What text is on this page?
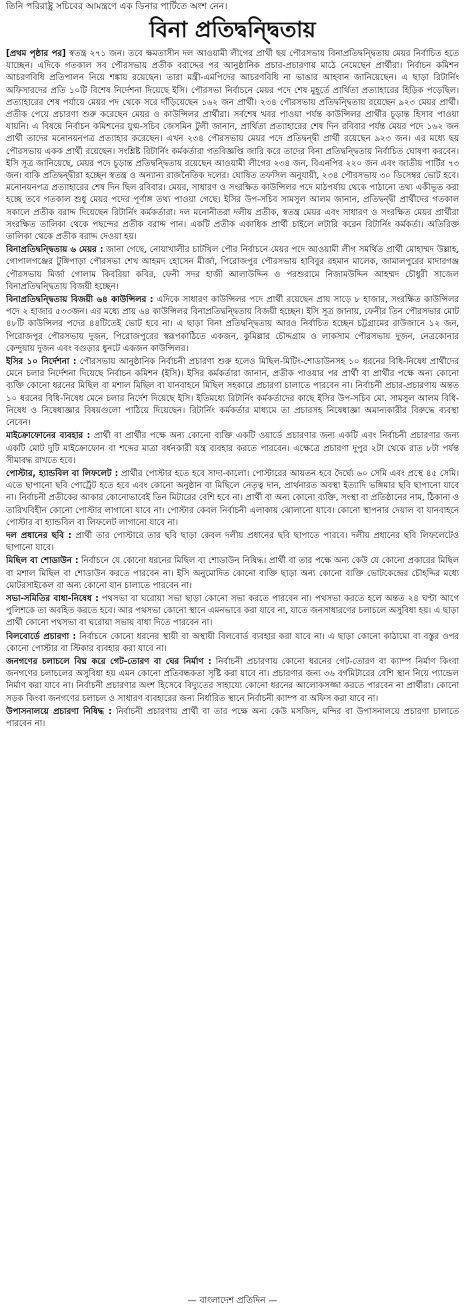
তিনি পরিরাষ্ট্র সচিবের আমন্ত্রণে এক ডিনার পার্টিতে অংশ নেন।
বিনা প্রতিদ্বন্দ্বিতায়

[প্রথম পৃষ্ঠার পর] স্বতন্ত্র ২৭১ জন। তবে ক্ষমতাসীন দল আওয়ামী লীগের প্রার্থী ছয় পৌরসভায় বিনাপ্রতিদ্বন্দ্বিতায় মেয়র নির্বাচিত হতে যাচ্ছেন। এদিকে গতকাল সব পৌরসভায় প্রতীক বরাদ্দের পর আনুষ্ঠানিক প্রচার-প্রচারণায় মাঠে নেমেছেন প্রার্থীরা। নির্বাচন কমিশন আচরণবিধি প্রতিপালন নিয়ে শঙ্কায় রয়েছেন। তারা মন্ত্রী-এমপিদের আচরণবিধি না ভাঙার আহবান জানিয়েছেন। এ ছাড়া রিটার্নিং অফিসারদের প্রতি ১০টি বিশেষ নির্দেশনা দিয়েছে ইসি। পৌরসভা নির্বাচনে মেয়র পদে শেষ মুহূর্তে প্রার্থিতা প্রত্যাহারের হিড়িক পড়েছিল। প্রত্যাহারের শেষ পর্যায়ে মেয়র পদ থেকে সরে দাঁড়িয়েছেন ১৬২ জন প্রার্থী। ২৩৪ পৌরসভায় প্রতিদ্বন্দ্বিতায় রয়েছেন ৯২৩ মেয়র প্রার্থী। প্রতীক পেয়ে প্রচারণা শুরু করেছেন মেয়র ও কাউন্সিলর প্রার্থীরা। সর্বশেষ খবর পাওয়া পর্যন্ত কাউন্সিলর প্রার্থীর চূড়ান্ত হিসাব পাওয়া যায়নি। এ বিষয়ে নির্বাচন কমিশনের যুগ্ম-সচিব জেসমিন টুলী জানান, প্রার্থিতা প্রত্যাহারের শেষ দিন রবিবার পর্যন্ত মেয়র পদে ১৬২ জন প্রার্থী তাদের মনোনয়নপত্র প্রত্যাহার করেছেন। এখন ২৩৪ পৌরসভায় মেয়র পদে প্রতিদ্বন্দ্বী প্রার্থী রয়েছেন ৯২৩ জন। এর মধ্যে ছয় পৌরসভায় একক প্রার্থী রয়েছেন। সংশ্লিষ্ট রিটার্নিং কর্মকর্তারা গতবিজ্ঞপ্তি জারি করে তাদের বিনা প্রতিদ্বন্দ্বিতায় নির্বাচিত ঘোষণা করবেন। ইসি সূত্র জানিয়েছে, মেয়র পদে চূড়ান্ত প্রতিদ্বন্দ্বিতায় রয়েছেন আওয়ামী লীগের ২৩৪ জন, বিএনপির ২২০ জন এবং জাতীয় পার্টির ৭৩ জন। বাকি প্রতিদ্বন্দ্বীরা হচ্ছেন স্বতন্ত্র ও অন্যান্য রাজনৈতিক দলের। ঘোষিত তফসিল অনুযায়ী, ২৩৪ পৌরসভায় ৩০ ডিসেম্বর ভোট হবে। মনোনয়নপত্র প্রত্যাহারের শেষ দিন ছিল রবিবার। মেয়র, সাধারণ ও সংরক্ষিত কাউন্সিলর পদে মাঠপর্যায় থেকে পাঠানো তথ্য একীভূত করা হচ্ছে তবে গতকাল শুধু মেয়র পদের পূর্ণাঙ্গ তথ্য পাওয়া গেছে। ইসির উপ-সচিব সামসুল আলম জানান, প্রতিদ্বন্দ্বী প্রার্থীদের গতকাল সকালে প্রতীক বরাদ্দ দিয়েছেন রিটার্নিং কর্মকর্তারা। দল মনোনীতরা দলীয় প্রতীক, স্বতন্ত্র মেয়র এবং সাধারণ ও সংরক্ষিত মেয়র প্রার্থীরা সংরক্ষিত তালিকা থেকে পছন্দের প্রতীক বরাদ্দ পান। একটি প্রতীক একাধিক প্রার্থী চাইলে লটারি করেন রিটার্নিং কর্মকর্তা। অতিরিক্ত তালিকা থেকে প্রতীক বরাদ্দ দেওয়া হয়।

বিনাপ্রতিদ্বন্দ্বিতায় ৬ মেয়র : জানা গেছে, নোয়াখালীর চাটখিল পৌর নির্বাচনে মেয়র পদে আওয়ামী লীগ সমর্থিত প্রার্থী মোহাম্মদ উল্লাহ, গোপালগঞ্জের টুঙ্গিপাড়া পৌরসভা শেখ আহমদ হোসেন মীর্জা, পিরোজপুর পৌরসভায় হাবিবুর রহমান মালেক, জামালপুরের মাদারগঞ্জ পৌরসভায় মির্জা গোলাম কিবরিয়া কবির, ফেনী সদর হাজী আলাউদ্দিন ও পরশুরামে নিজামউদ্দিন আহম্মদ চৌধুরী সাজেল বিনাপ্রতিদ্বন্দ্বিতায় বিজয়ী হচ্ছেন।

বিনাপ্রতিদ্বন্দ্বিতায় বিজয়ী ৬৪ কাউন্সিলর : এদিকে সাধারণ কাউন্সিলর পদে প্রার্থী রয়েছেন প্রায় সাড়ে ৮ হাজার, সংরক্ষিত কাউন্সিলর পদে ২ হাজার ৫৩৩জন। এর মধ্যে প্রায় ৬৪ কাউন্সিলর বিনাপ্রতিদ্বন্দ্বিতায় বিজয়ী হচ্ছেন। ইসি সূত্র জানায়, ফেনীর তিন পৌরসভার মোট ৪৮টি কাউন্সিলর পদের ৪৪টিতেই ভোট হবে না। এ ছাড়া বিনা প্রতিদ্বন্দ্বিতায় আরও নির্বাচিত হচ্ছেন চট্টগ্রামের রাউজানে ১২ জন, পিরোজপুর পৌরসভায় দুজন, পিরোজপুরের স্বরূপকাঠিতে একজন, কুমিল্লার চৌদ্দগ্রাম ও লাকসাম পৌরসভায় দুজন, নেত্রকোনার কেন্দুয়ায় দুজন এবং বগুড়ার ধুনটে একজন কাউন্সিলর।

ইসির ১০ নির্দেশনা : পৌরসভায় আনুষ্ঠানিক নির্বাচনী প্রচারণা শুরু হলেও মিছিল-মিটিং-শোডাউনসহ ১০ ধরনের বিধি-নিষেধ প্রার্থীদের মেনে চলার নির্দেশনা দিয়েছে নির্বাচন কমিশন (ইসি)। ইসির কর্মকর্তারা জানান, প্রতীক পাওয়ার পর প্রার্থী বা প্রার্থীর পক্ষে অন্য কোনো ব্যক্তি কোনো ধরনের মিছিল বা মশাল মিছিল বা যানবাহনে মিছিল সহকারে প্রচারণা চালাতে পারবেন না। নির্বাচনী প্রচার-প্রচারণায় অন্তত ১০ ধরনের বিধি-নিষেধ মেনে চলার নির্দেশ দিয়েছে ইসি। ইতিমধ্যে রিটার্নিং কর্মকর্তাদের কাছে ইসির উপ-সচিব মো. সামসুল আলম বিধি-নিষেধ ও নিষেধাজ্ঞার বিষয়গুলো পাঠিয়ে দিয়েছেন। রিটার্নিং কর্মকর্তার মাধ্যমে তা প্রচারসহ নিষেধাজ্ঞা অমান্যকারীর বিরুদ্ধে ব্যবস্থা নেবেন।

মাইক্রোফোনের ব্যবহার : প্রার্থী বা প্রার্থীর পক্ষে অন্য কোনো ব্যক্তি একটি ওয়ার্ডে প্রচারণার জন্য একটি এবং নির্বাচনী প্রচারণার জন্য একটি মোট দুটি মাইক্রোফোন বা শব্দের মাত্রা বর্ধনকারী যন্ত্র ব্যবহার করতে পারবেন। এক্ষেত্রে প্রচারণা দুপুর ২টা থেকে রাত ৮টা পর্যন্ত সীমাবদ্ধ রাখতে হবে।

পোস্টার, হ্যান্ডবিল বা লিফলেট : প্রার্থীর পোস্টার হতে হবে সাদা-কালো। পোস্টারের আয়তন হবে দৈর্ঘ্যে ৬০ সেমি এবং প্রস্থে ৪৫ সেমি। এতে ছাপানো ছবি পোর্ট্রেট হতে হবে এবং কোনো অনুষ্ঠান বা মিছিলে নেতৃত্ব দান, প্রার্থনারত অবস্থা ইত্যাদি ভঙ্গিমার ছবি ছাপানো যাবে না। নির্বাচনী প্রতীকের আকার কোনোভাবেই তিন মিটারের বেশি হবে না। প্রার্থী বা অন্য কোনো ব্যক্তি, সংস্থা বা প্রতিষ্ঠানের নাম, ঠিকানা ও তারিখবিহীন কোনো পোস্টার লাগানো যাবে না। পোস্টার কেবল নির্বাচনী এলাকায় ঝোলানো যাবে। কোনো স্থাপনার দেয়াল বা যানবাহনে পোস্টার বা হ্যান্ডবিল বা লিফলেট লাগানো যাবে না।

দল প্রধানের ছবি : প্রার্থী তার পোস্টারে তার ছবি ছাড়া কেবল দলীয় প্রধানের ছবি ছাপাতে পারবে। দলীয় প্রধানের ছবি লিফলেটেও ছাপানো যাবে।

মিছিল বা শোডাউন : নির্বাচনে যে কোনো ধরনের মিছিল বা শোডাউন নিষিদ্ধ। প্রার্থী বা তার পক্ষে অন্য কেউ যে কোনো প্রকারের মিছিল বা মশাল মিছিল বা শোডাউন করতে পারবেন না। ইসি অনুমোদিত কোনো ব্যক্তি ছাড়া অন্য কোনো ব্যক্তি ভোটকেন্দ্রের চৌহদ্দির মধ্যে মোটরসাইকেল বা অন্য কোনো যান চালাতে পারবেন না।

সভা-সমিতির বাধা-নিষেধ : পথসভা বা ঘরোয়া সভা ছাড়া কোনো সভা করতে পারবেন না। পথসভা করতে হলে অন্তত ২৪ ঘণ্টা আগে পুলিশকে তা অবহিত করতে হবে। আর পথসভা কোনো স্থানে এমনভাবে করা যাবে না, যাতে জনসাধারণের চলাচলে অসুবিধা হয়। এ ছাড়া প্রার্থী কোনো পথসভা বা ঘরোয়া সভায় বাধা দিতে পারবেন না।

বিলবোর্ডে প্রচারণা : নির্বাচনে কোনো ধরনের স্থায়ী বা অস্থায়ী বিলবোর্ড ব্যবহার করা যাবে না। এ ছাড়া কোনো কাঠামো বা বস্তুর ওপর কোনো পোস্টার বা স্টিকার ব্যবহার করা যাবে না।

জনগণের চলাচলে বিঘ্ন করে গেট-তোরণ বা ঘের নির্মাণ : নির্বাচনী প্রচারণায় কোনো ধরনের গেট-তোরণ বা ক্যাম্প নির্মাণ কিংবা জনগণের চলাচলের অসুবিধা হয় এমন কোনো প্রতিবন্ধকতা সৃষ্টি করা যাবে না। প্রচারণার জন্য ৩৬ বর্গমিটারের বেশি স্থান নিয়ে প্যান্ডেল নির্মাণ করা যাবে না। নির্বাচনী প্রচারণার অংশ হিসেবে বিদ্যুতের সাহায্যে কোনো ধরনের আলোকসজ্জা করতে পারবেন না প্রার্থীরা। কোনো সড়ক কিংবা জনগণের চলাচল ও সাধারণ ব্যবহারের জন্য নির্ধারিত স্থানে নির্বাচনী ক্যাম্প বা অফিস করা যাবে না।

উপাসনালয়ে প্রচারণা নিষিদ্ধ : নির্বাচনী প্রচারণায় প্রার্থী বা তার পক্ষে অন্য কেউ মসজিদ, মন্দির বা উপাসনালয়ে প্রচারণা চালাতে পারবেন না।

— বাংলাদেশ প্রতিদিন —
